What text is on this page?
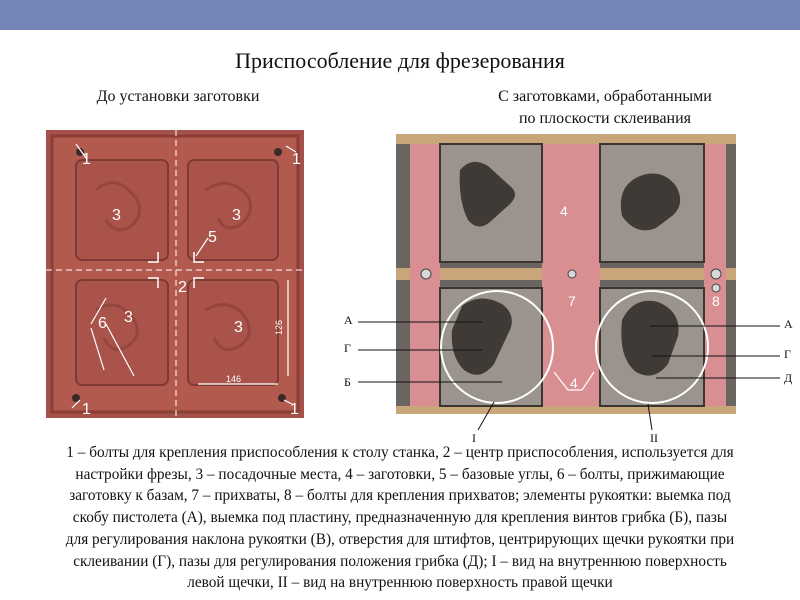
Приспособление для фрезерования
До установки заготовки	С заготовками, обработанными
по плоскости склеивания
1	1
1	1
3	3
3
3
5
2
6	126
146
4
4
7	8
А
Г
Б
А
Г
Д
I	II
1 – болты для крепления приспособления к столу станка, 2 – центр приспособления, используется для
настройки фрезы, 3 – посадочные места, 4 – заготовки, 5 – базовые углы, 6 – болты, прижимающие
заготовку к базам, 7 – прихваты, 8 – болты для крепления прихватов; элементы рукоятки: выемка под
скобу пистолета (А), выемка под пластину, предназначенную для крепления винтов грибка (Б), пазы
для регулирования наклона рукоятки (В), отверстия для штифтов, центрирующих щечки рукоятки при
склеивании (Г), пазы для регулирования положения грибка (Д); I – вид на внутреннюю поверхность
левой щечки, II – вид на внутреннюю поверхность правой щечки
